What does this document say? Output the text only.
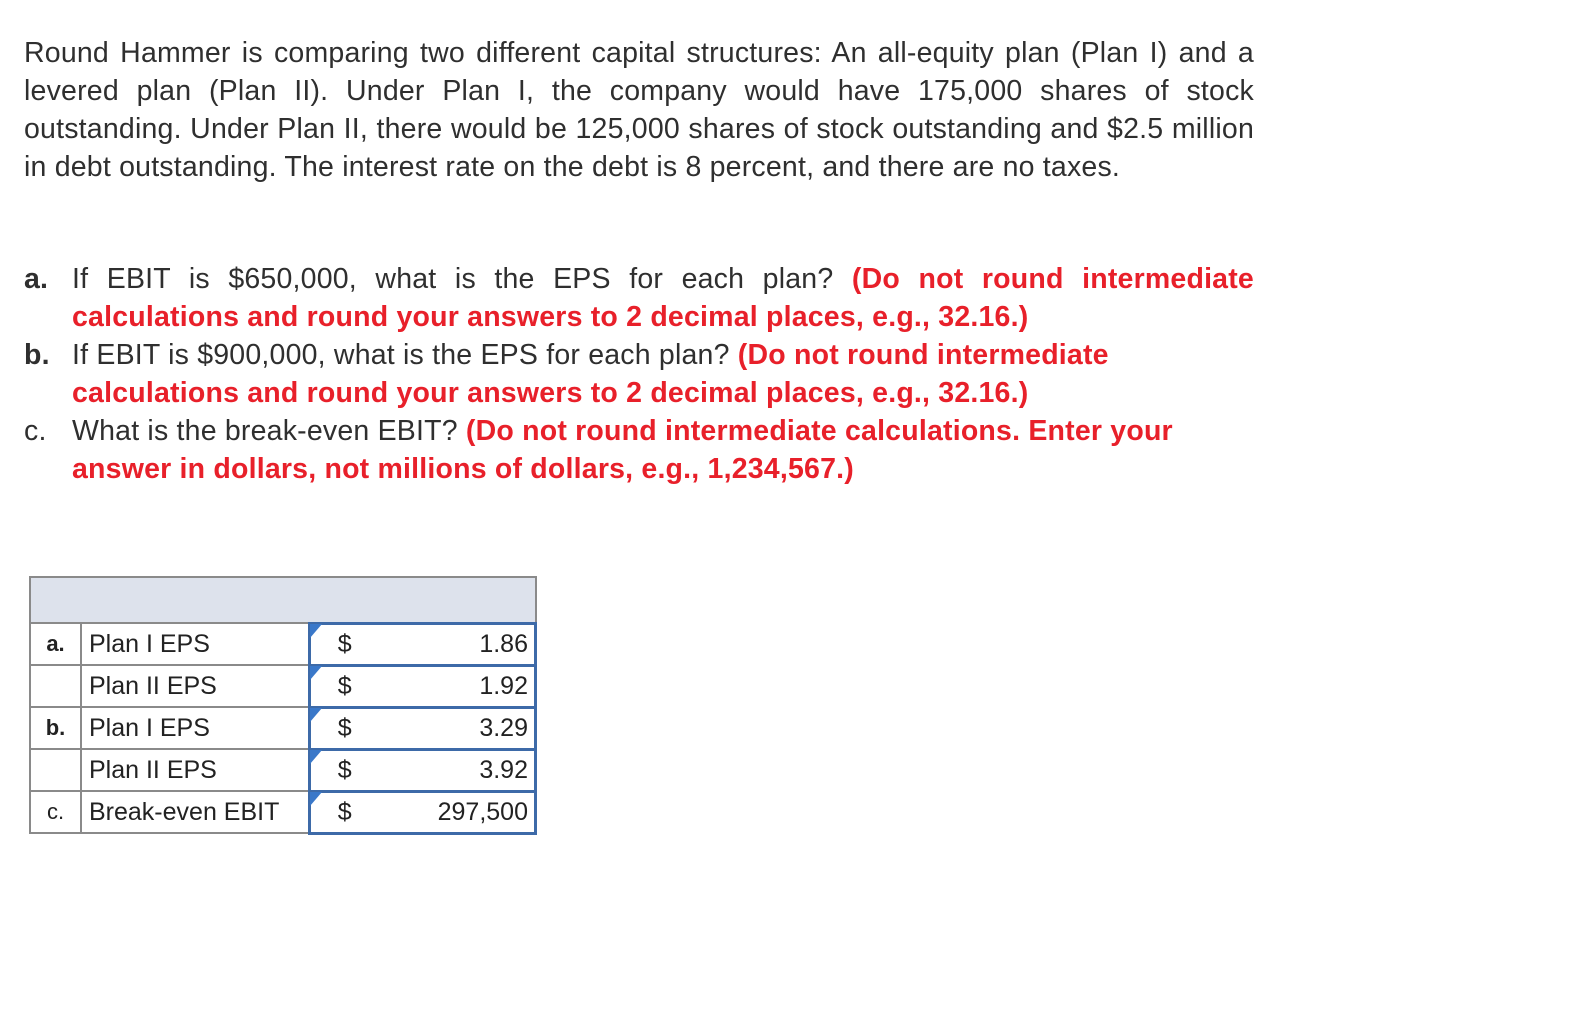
Round Hammer is comparing two different capital structures: An all-equity plan (Plan I) and a levered plan (Plan II). Under Plan I, the company would have 175,000 shares of stock outstanding. Under Plan II, there would be 125,000 shares of stock outstanding and $2.5 million in debt outstanding. The interest rate on the debt is 8 percent, and there are no taxes.
a. If EBIT is $650,000, what is the EPS for each plan? (Do not round intermediate calculations and round your answers to 2 decimal places, e.g., 32.16.)
b. If EBIT is $900,000, what is the EPS for each plan? (Do not round intermediate calculations and round your answers to 2 decimal places, e.g., 32.16.)
c. What is the break-even EBIT? (Do not round intermediate calculations. Enter your answer in dollars, not millions of dollars, e.g., 1,234,567.)

a.	Plan I EPS	$	1.86
	Plan II EPS	$	1.92
b.	Plan I EPS	$	3.29
	Plan II EPS	$	3.92
c.	Break-even EBIT	$	297,500
